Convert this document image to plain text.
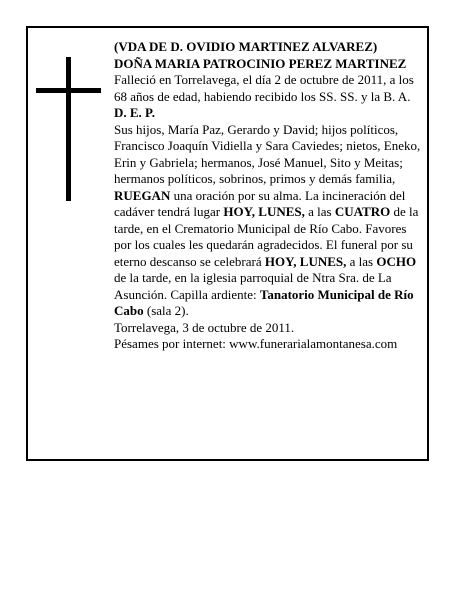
(VDA DE D. OVIDIO MARTINEZ ALVAREZ)

DOÑA MARIA PATROCINIO PEREZ MARTINEZ

Falleció en Torrelavega, el día 2 de octubre de 2011, a los 68 años de edad, habiendo recibido los SS. SS. y la B. A.

D. E. P.

Sus hijos, María Paz, Gerardo y David; hijos políticos, Francisco Joaquín Vidiella y Sara Caviedes; nietos, Eneko, Erin y Gabriela; hermanos, José Manuel, Sito y Meitas; hermanos políticos, sobrinos, primos y demás familia,

RUEGAN una oración por su alma. La incineración del cadáver tendrá lugar HOY, LUNES, a las CUATRO de la tarde, en el Crematorio Municipal de Río Cabo. Favores por los cuales les quedarán agradecidos. El funeral por su eterno descanso se celebrará HOY, LUNES, a las OCHO de la tarde, en la iglesia parroquial de Ntra Sra. de La Asunción. Capilla ardiente: Tanatorio Municipal de Río Cabo (sala 2).

Torrelavega, 3 de octubre de 2011.

Pésames por internet: www.funerarialamontanesa.com
